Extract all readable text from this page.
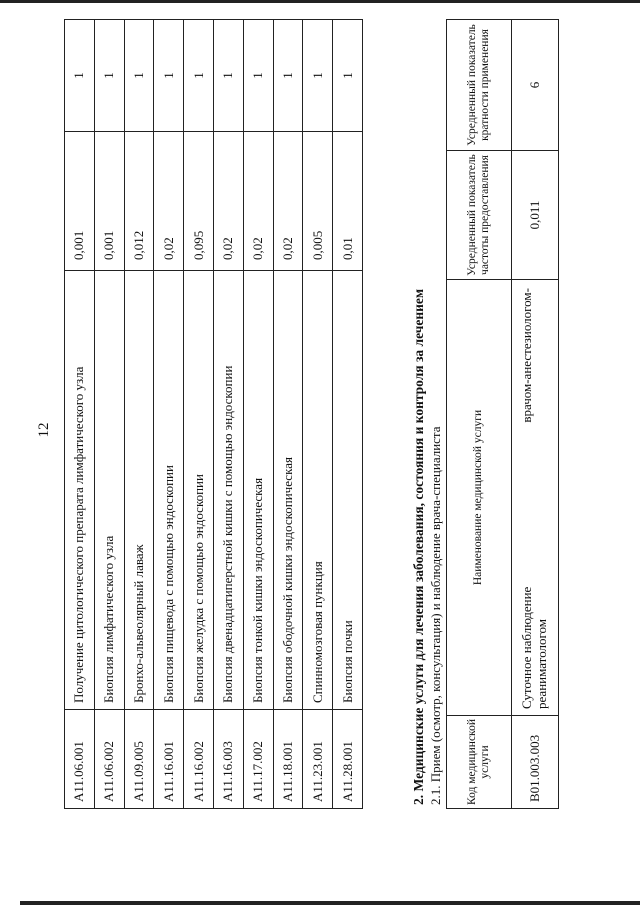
12
A11.06.001	Получение цитологического препарата лимфатического узла	0,001	1
A11.06.002	Биопсия лимфатического узла	0,001	1
A11.09.005	Бронхо-альвеолярный лаваж	0,012	1
A11.16.001	Биопсия пищевода с помощью эндоскопии	0,02	1
A11.16.002	Биопсия желудка с помощью эндоскопии	0,095	1
A11.16.003	Биопсия двенадцатиперстной кишки с помощью эндоскопии	0,02	1
A11.17.002	Биопсия тонкой кишки эндоскопическая	0,02	1
A11.18.001	Биопсия ободочной кишки эндоскопическая	0,02	1
A11.23.001	Спинномозговая пункция	0,005	1
A11.28.001	Биопсия почки	0,01	1
2. Медицинские услуги для лечения заболевания, состояния и контроля за лечением 2.1. Прием (осмотр, консультация) и наблюдение врача-специалиста Код медицинской услуги	Наименование медицинской услуги	Усредненный показатель частоты предоставления	Усредненный показатель кратности применения
B01.003.003	Суточное наблюдение
врачом-анестезиологом-
реаниматологом	0,011	6
